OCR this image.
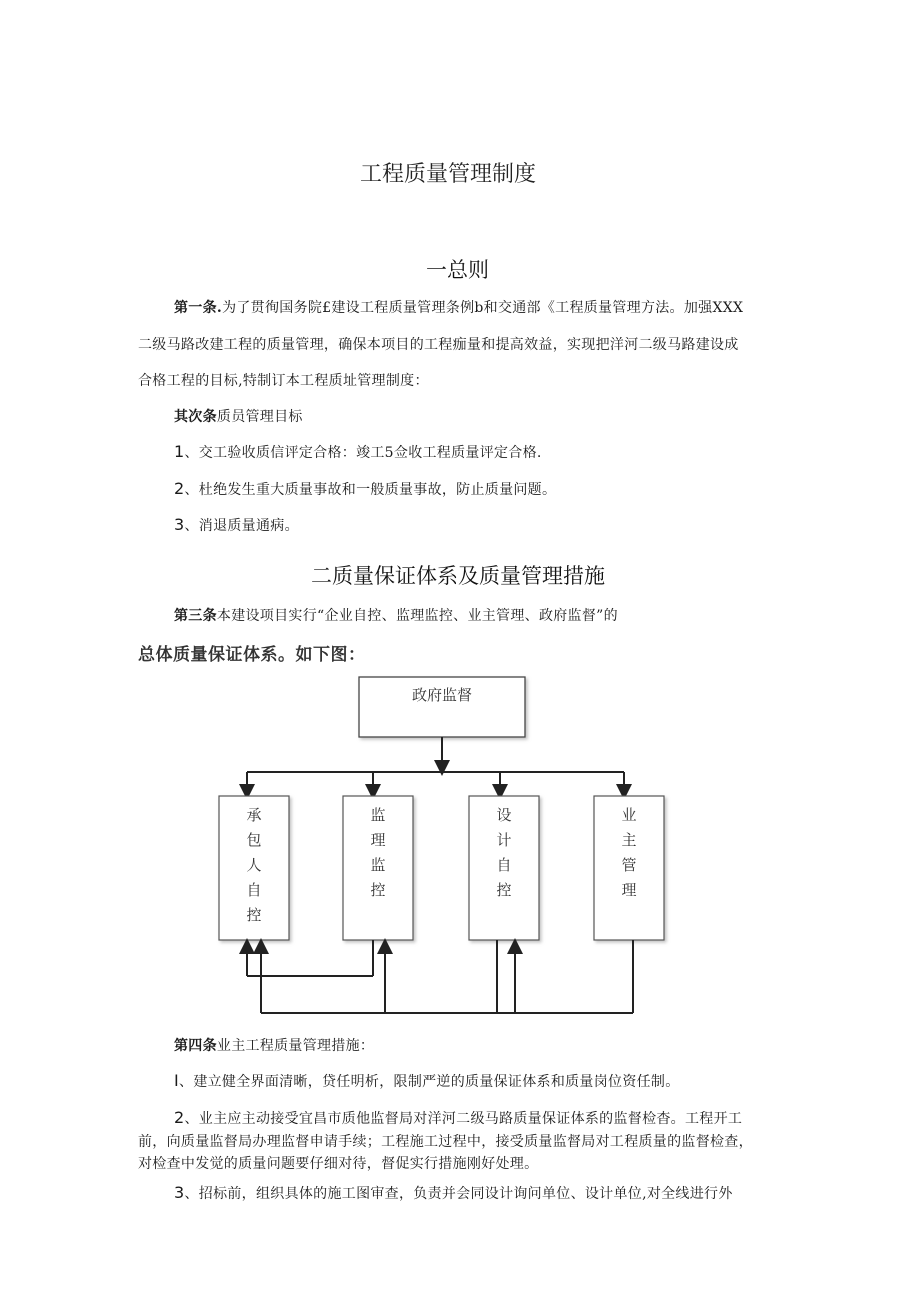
工程质量管理制度
一总则
第一条.为了贯徇国务院£建设工程质量管理条例b和交通部《工程质量管理方法。加强XXX
二级马路改建工程的质量管理，确保本项目的工程痂量和提高效益，实现把洋河二级马路建设成
合格工程的目标,特制订本工程质址管理制度：
其次条质员管理目标
1、交工验收质信评定合格：竣工5佥收工程质量评定合格.
2、杜绝发生重大质量事故和一般质量事故，防止质量问题。
3、消退质量通病。
二质量保证体系及质量管理措施
第三条本建设项目实行“企业自控、监理监控、业主管理、政府监督”的
总体质量保证体系。如下图：
政府监督
承
包
人
自
控
监
理
监
控
设
计
自
控
业
主
管
理
第四条业主工程质量管理措施：
I、建立健全界面清晰，贷任明析，限制严逆的质量保证体系和质量岗位资任制。
2、业主应主动接受宜昌市质他监督局对洋河二级马路质量保证体系的监督检杳。工程开工
前，向质量监督局办理监督申请手续；工程施工过程中，接受质量监督局对工程质量的监督检查，
对检查中发觉的质量问题要仔细对待，督促实行措施刚好处理。
3、招标前，组织具体的施工图审查，负责并会同设计询问单位、设计单位,对全线进行外
